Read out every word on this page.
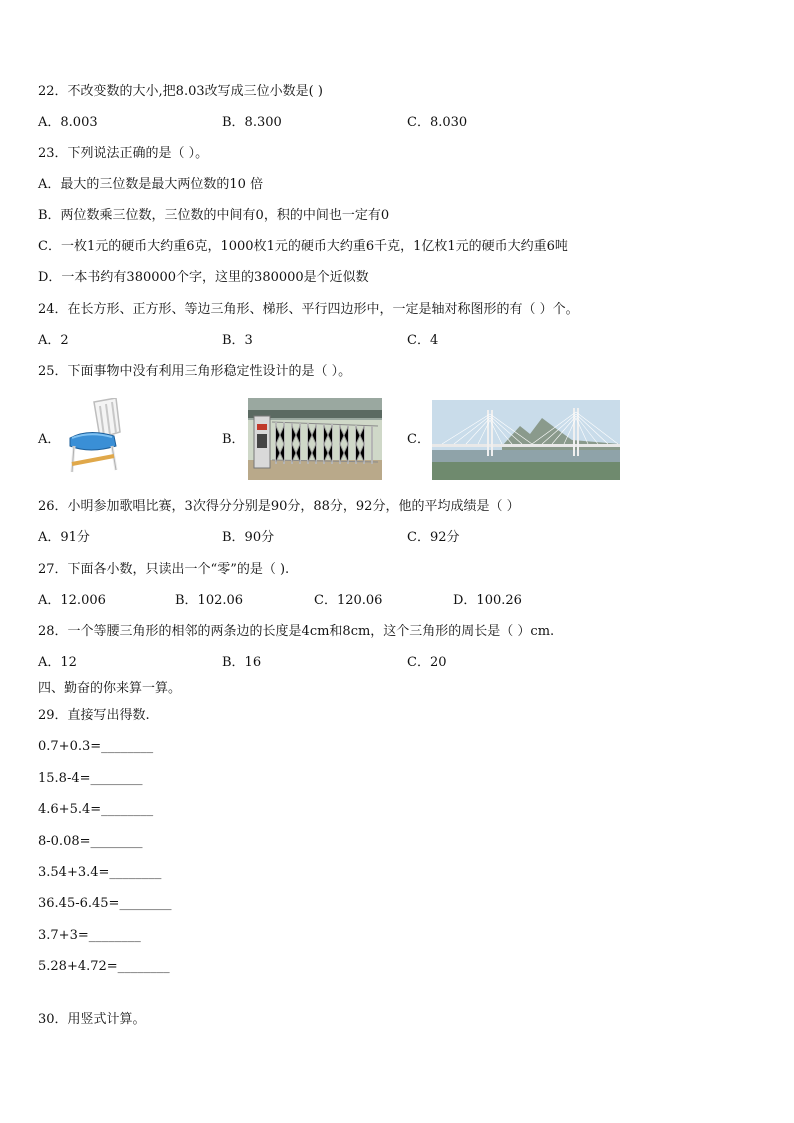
22．不改变数的大小,把8.03改写成三位小数是( )
A．8.003	B．8.300	C．8.030
23．下列说法正确的是（ ）。
A．最大的三位数是最大两位数的10 倍
B．两位数乘三位数，三位数的中间有0，积的中间也一定有0
C．一枚1元的硬币大约重6克，1000枚1元的硬币大约重6千克，1亿枚1元的硬币大约重6吨
D．一本书约有380000个字，这里的380000是个近似数
24．在长方形、正方形、等边三角形、梯形、平行四边形中，一定是轴对称图形的有（ ）个。
A．2	B．3	C．4
25．下面事物中没有利用三角形稳定性设计的是（ ）。
A．	B．	C．
26．小明参加歌唱比赛，3次得分分别是90分，88分，92分，他的平均成绩是（ ）
A．91分	B．90分	C．92分
27．下面各小数，只读出一个“零”的是（ ).
A．12.006	B．102.06	C．120.06	D．100.26
28．一个等腰三角形的相邻的两条边的长度是4cm和8cm，这个三角形的周长是（ ）cm.
A．12	B．16	C．20
四、勤奋的你来算一算。
29．直接写出得数.
0.7+0.3=________
15.8-4=________
4.6+5.4=________
8-0.08=________
3.54+3.4=________
36.45-6.45=________
3.7+3=________
5.28+4.72=________
30．用竖式计算。
